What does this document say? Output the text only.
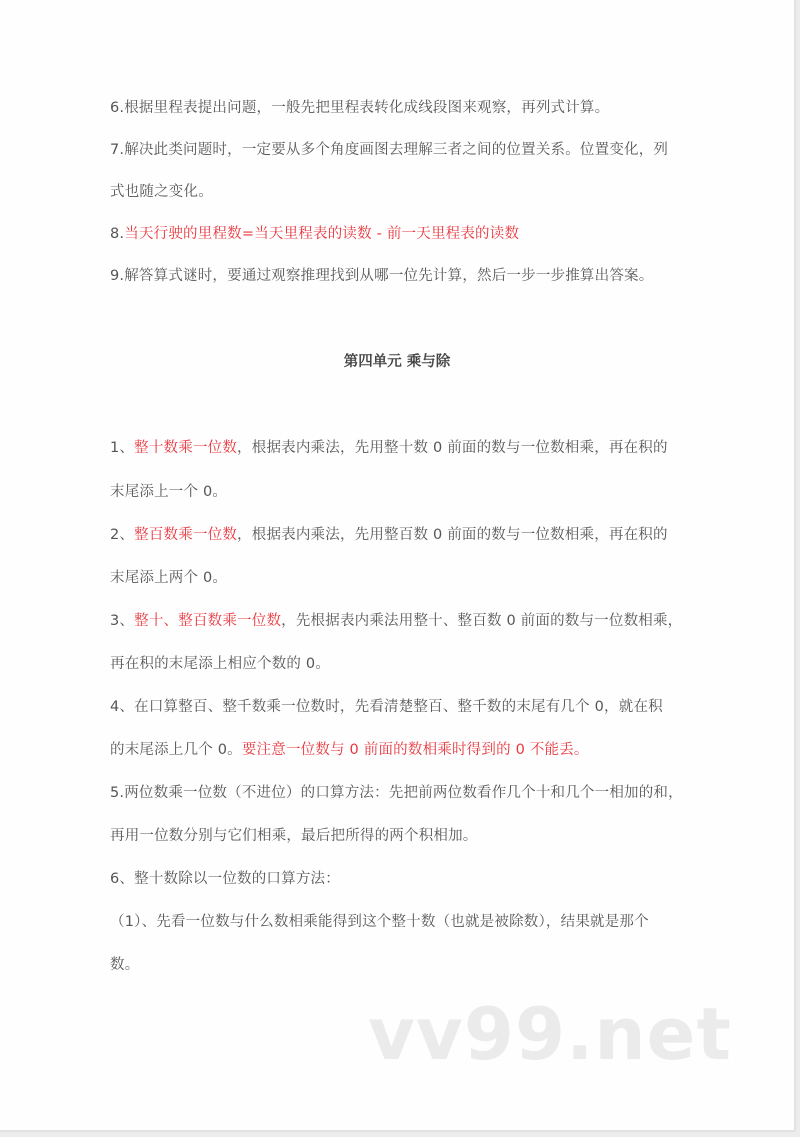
6.根据里程表提出问题，一般先把里程表转化成线段图来观察，再列式计算。
7.解决此类问题时，一定要从多个角度画图去理解三者之间的位置关系。位置变化，列
式也随之变化。
8.当天行驶的里程数=当天里程表的读数 - 前一天里程表的读数
9.解答算式谜时，要通过观察推理找到从哪一位先计算，然后一步一步推算出答案。
第四单元 乘与除
1、整十数乘一位数，根据表内乘法，先用整十数 0 前面的数与一位数相乘，再在积的
末尾添上一个 0。
2、整百数乘一位数，根据表内乘法，先用整百数 0 前面的数与一位数相乘，再在积的
末尾添上两个 0。
3、整十、整百数乘一位数，先根据表内乘法用整十、整百数 0 前面的数与一位数相乘，
再在积的末尾添上相应个数的 0。
4、在口算整百、整千数乘一位数时，先看清楚整百、整千数的末尾有几个 0，就在积
的末尾添上几个 0。要注意一位数与 0 前面的数相乘时得到的 0 不能丢。
5.两位数乘一位数（不进位）的口算方法：先把前两位数看作几个十和几个一相加的和，
再用一位数分别与它们相乘，最后把所得的两个积相加。
6、整十数除以一位数的口算方法：
（1）、先看一位数与什么数相乘能得到这个整十数（也就是被除数），结果就是那个
数。
vv99.net
